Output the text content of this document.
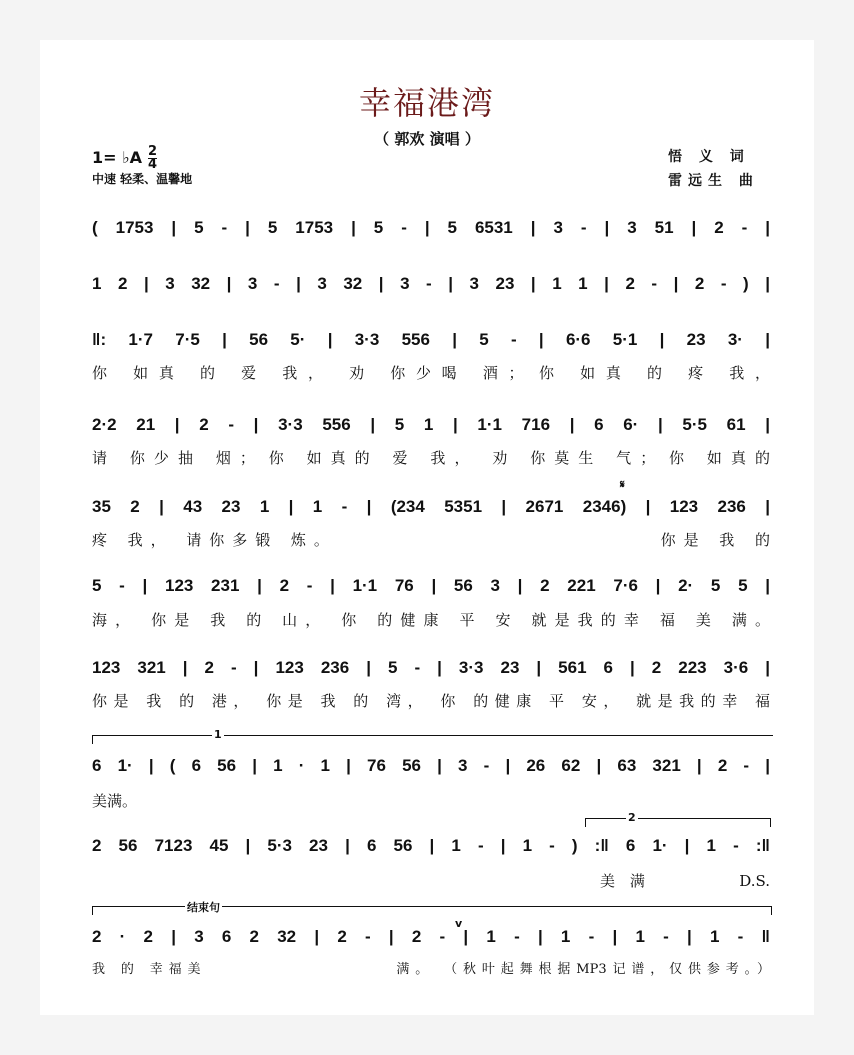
幸福港湾
（ 郭欢 演唱 ）
1= ♭A $\frac{2}{4}$
中速 轻柔、温馨地
悟 义 词
雷远生 曲
( 1753 | 5 - | 5 1753 | 5 - | 5 6531 | 3 - | 3 51 | 2 - |
1 2 | 3 32 | 3 - | 3 32 | 3 - | 3 23 | 1 1 | 2 - | 2 - ) |
‖: 1·7 7·5 | 56 5· | 3·3 556 | 5 - | 6·6 5·1 | 23 3· |
你 如真 的 爱 我， 劝 你少喝 酒； 你 如真 的 疼 我，
2·2 21 | 2 - | 3·3 556 | 5 1 | 1·1 716 | 6 6· | 5·5 61 |
请 你少抽 烟； 你 如真的 爱 我， 劝 你莫生 气； 你 如真的
35 2 | 43 23 1 | 1 - | (234 5351 | 2671 2346) | 123 236 |
𝄋
疼 我， 请你多锻 炼。 　　　　　　　　　　　　　 你是 我 的
5 - | 123 231 | 2 - | 1·1 76 | 56 3 | 2 221 7·6 | 2· 5 5 |
海， 你是 我 的 山， 你 的健康 平 安 就是我的幸 福 美 满。
123 321 | 2 - | 123 236 | 5 - | 3·3 23 | 561 6 | 2 223 3·6 |
你是 我 的 港， 你是 我 的 湾， 你 的健康 平 安， 就是我的幸 福
1
6 1· | ( 6 56 | 1 · 1 | 76 56 | 3 - | 26 62 | 63 321 | 2 - |
美满。
2
2 56 7123 45 | 5·3 23 | 6 56 | 1 - | 1 - ) :‖ 6 1· | 1 - :‖
美满 　　D.S.
结束句
v
2 · 2 | 3 6 2 32 | 2 - | 2 - | 1 - | 1 - | 1 - | 1 - ‖
我 的 幸福美 　　　　　　　　　 满。 （秋叶起舞根据MP3记谱，仅供参考。）
